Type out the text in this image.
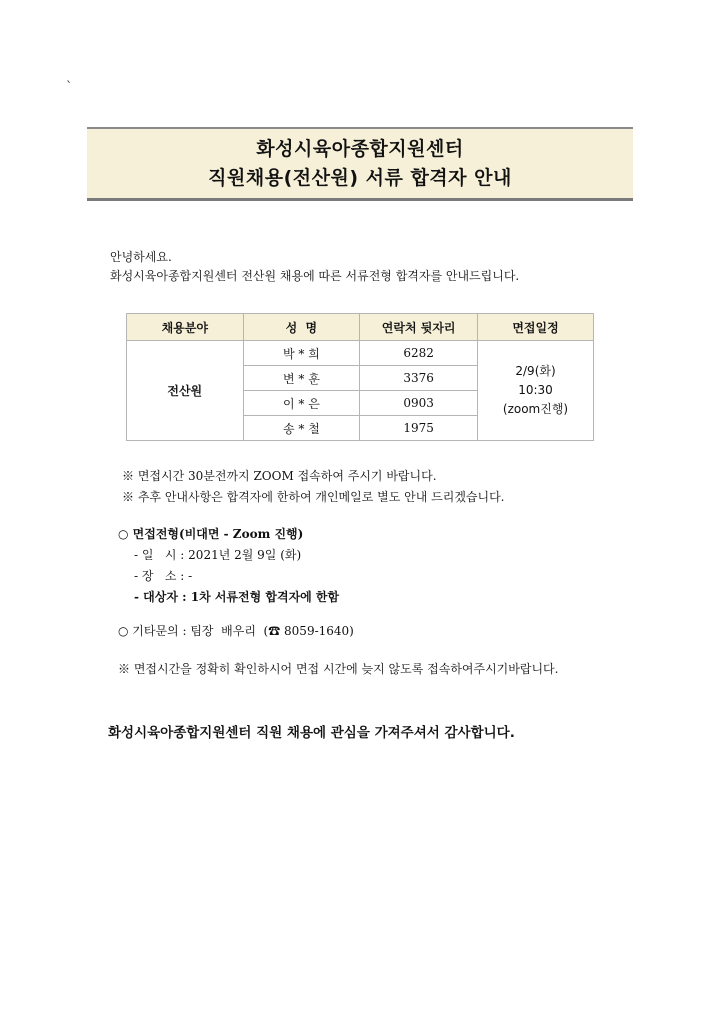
`
화성시육아종합지원센터
직원채용(전산원) 서류 합격자 안내
안녕하세요.
화성시육아종합지원센터 전산원 채용에 따른 서류전형 합격자를 안내드립니다.
채용분야	성  명	연락처 뒷자리	면접일정
전산원	박 * 희	6282	2/9(화)
10:30
(zoom진행)

	변 * 훈	3376	
	이 * 은	0903	
	송 * 철	1975	
※ 면접시간 30분전까지 ZOOM 접속하여 주시기 바랍니다.
※ 추후 안내사항은 합격자에 한하여 개인메일로 별도 안내 드리겠습니다.
○ 면접전형(비대면 - Zoom 진행)
- 일   시 : 2021년 2월 9일 (화)
- 장   소 : -
- 대상자 : 1차 서류전형 합격자에 한함
○ 기타문의 : 팀장  배우리  (☎ 8059-1640)
※ 면접시간을 정확히 확인하시어 면접 시간에 늦지 않도록 접속하여주시기바랍니다.
화성시육아종합지원센터 직원 채용에 관심을 가져주셔서 감사합니다.
